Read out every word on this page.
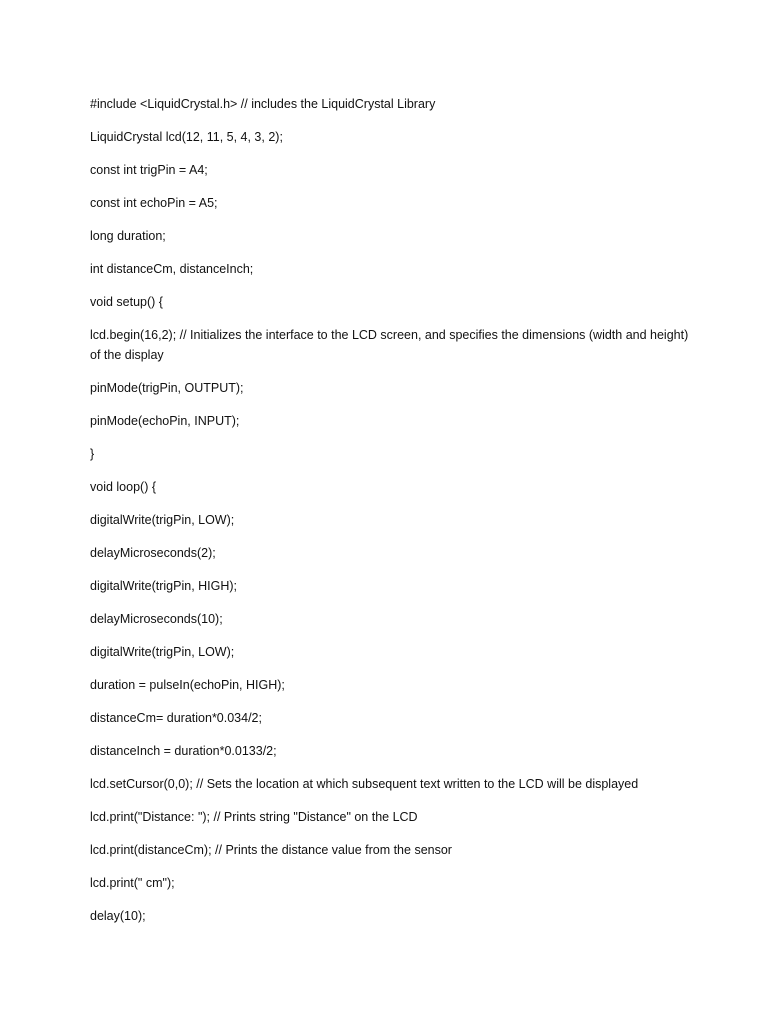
#include <LiquidCrystal.h> // includes the LiquidCrystal Library

LiquidCrystal lcd(12, 11, 5, 4, 3, 2);

const int trigPin = A4;

const int echoPin = A5;

long duration;

int distanceCm, distanceInch;

void setup() {

lcd.begin(16,2); // Initializes the interface to the LCD screen, and specifies the dimensions (width and height) of the display

pinMode(trigPin, OUTPUT);

pinMode(echoPin, INPUT);

}

void loop() {

digitalWrite(trigPin, LOW);

delayMicroseconds(2);

digitalWrite(trigPin, HIGH);

delayMicroseconds(10);

digitalWrite(trigPin, LOW);

duration = pulseIn(echoPin, HIGH);

distanceCm= duration*0.034/2;

distanceInch = duration*0.0133/2;

lcd.setCursor(0,0); // Sets the location at which subsequent text written to the LCD will be displayed

lcd.print("Distance: "); // Prints string "Distance" on the LCD

lcd.print(distanceCm); // Prints the distance value from the sensor

lcd.print(" cm");

delay(10);
